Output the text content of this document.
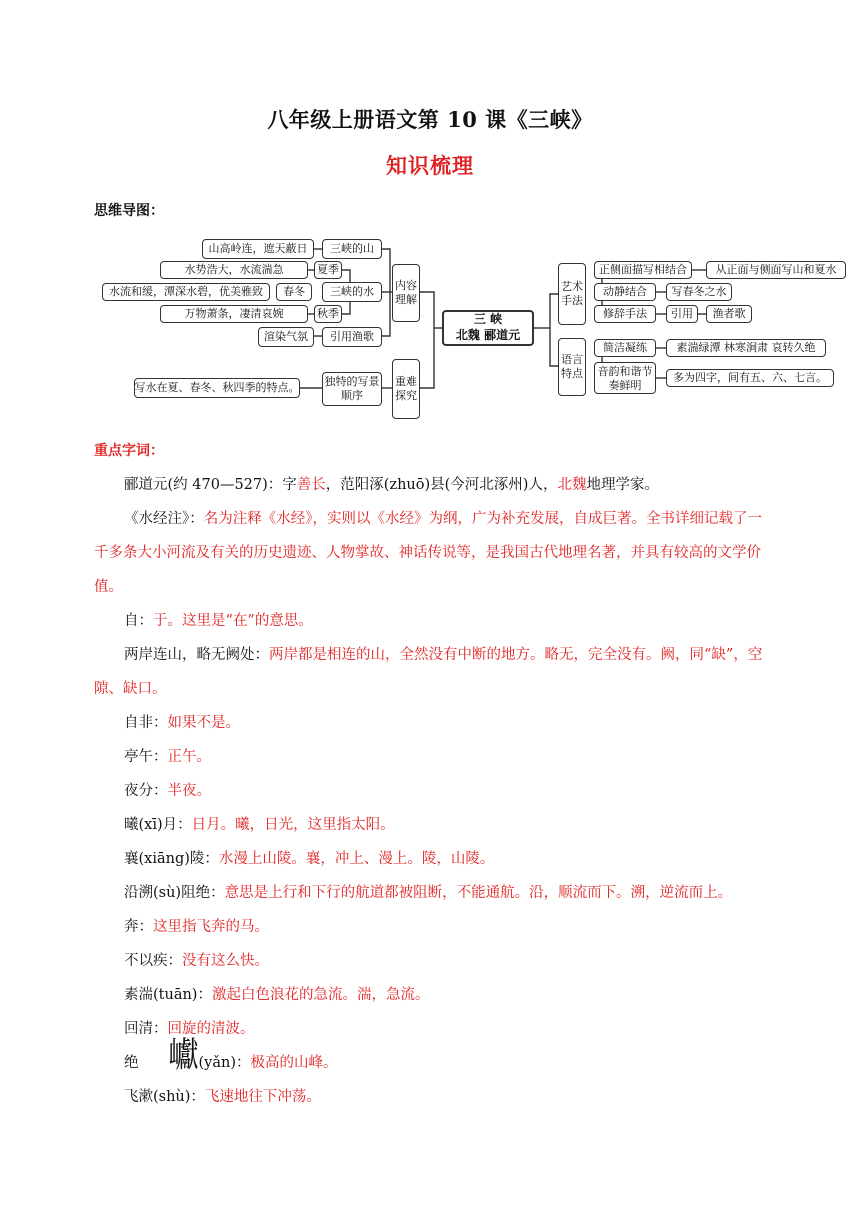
八年级上册语文第 10 课《三峡》
知识梳理
思维导图：
山高岭连，遮天蔽日	三峡的山
水势浩大，水流湍急	夏季
水流和缓，潭深水碧，优美雅致	春冬	三峡的水
万物萧条，凄清哀婉	秋季
渲染气氛	引用渔歌
写水在夏、春冬、秋四季的特点。 独特的写景顺序
内容理解
重难探究
三 峡
北魏 郦道元
艺术手法
语言特点
正侧面描写相结合	从正面与侧面写山和夏水
动静结合	写春冬之水
修辞手法	引用	渔者歌
简洁凝练	素湍绿潭 林寒涧肃 哀转久绝
音韵和谐节奏鲜明
多为四字，间有五、六、七言。
重点字词：

郦道元(约 470—527)：字善长，范阳涿(zhuō)县(今河北涿州)人，北魏地理学家。

《水经注》：名为注释《水经》，实则以《水经》为纲，广为补充发展，自成巨著。全书详细记载了一千多条大小河流及有关的历史遗迹、人物掌故、神话传说等，是我国古代地理名著，并具有较高的文学价值。

自：于。这里是“在”的意思。

两岸连山，略无阙处：两岸都是相连的山，全然没有中断的地方。略无，完全没有。阙，同“缺”，空隙、缺口。

自非：如果不是。

亭午：正午。

夜分：半夜。

曦(xī)月：日月。曦，日光，这里指太阳。

襄(xiāng)陵：水漫上山陵。襄，冲上、漫上。陵，山陵。

沿溯(sù)阻绝：意思是上行和下行的航道都被阻断，不能通航。沿，顺流而下。溯，逆流而上。

奔：这里指飞奔的马。

不以疾：没有这么快。

素湍(tuān)：激起白色浪花的急流。湍，急流。

回清：回旋的清波。

绝 巘(yǎn)：极高的山峰。

飞漱(shù)：飞速地往下冲荡。
